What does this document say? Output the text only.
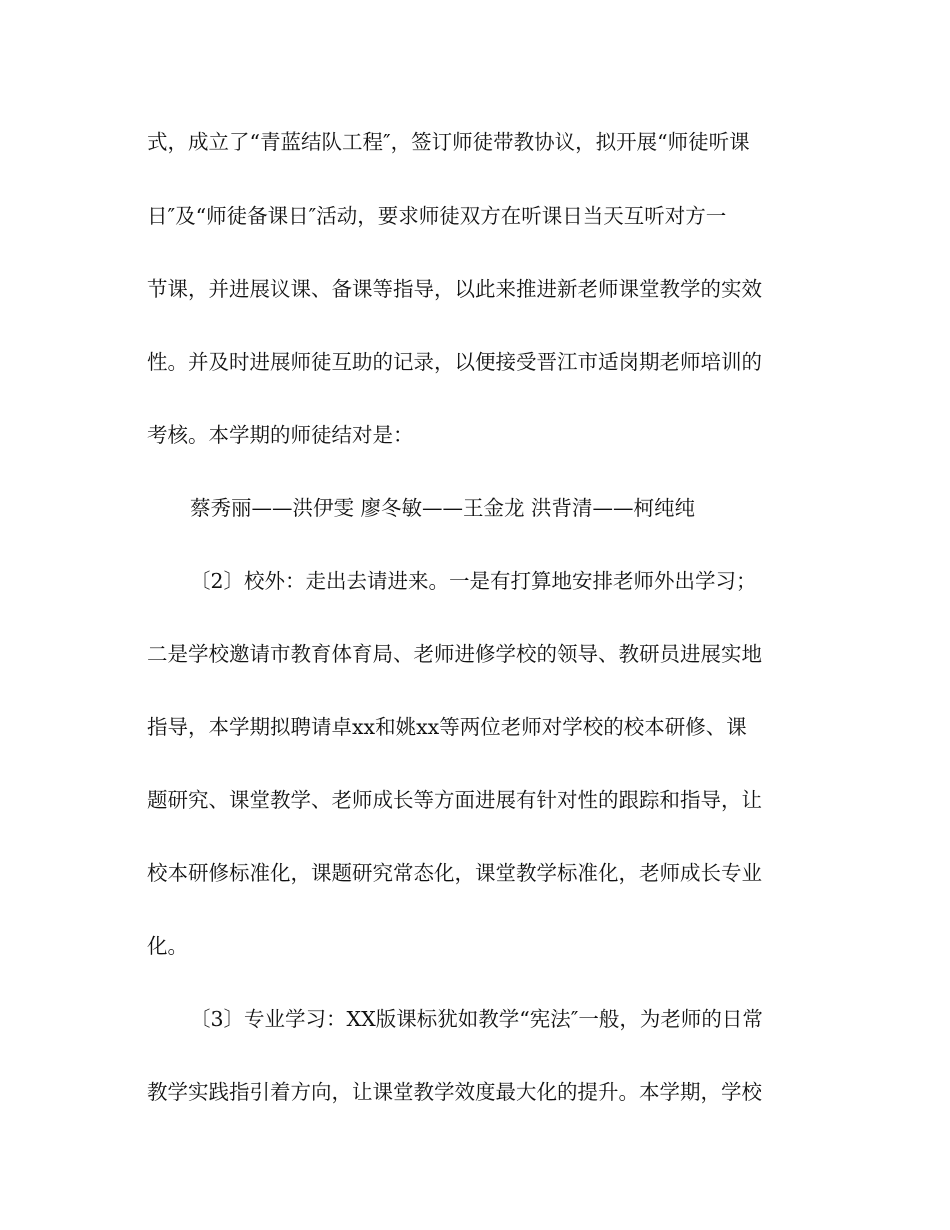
式，成立了“青蓝结队工程″，签订师徒带教协议，拟开展“师徒听课
日″及“师徒备课日″活动，要求师徒双方在听课日当天互听对方一
节课，并进展议课、备课等指导，以此来推进新老师课堂教学的实效
性。并及时进展师徒互助的记录，以便接受晋江市适岗期老师培训的
考核。本学期的师徒结对是：
蔡秀丽——洪伊雯 廖冬敏——王金龙 洪背清——柯纯纯
〔2〕校外：走出去请进来。一是有打算地安排老师外出学习；
二是学校邀请市教育体育局、老师进修学校的领导、教研员进展实地
指导，本学期拟聘请卓xx和姚xx等两位老师对学校的校本研修、课
题研究、课堂教学、老师成长等方面进展有针对性的跟踪和指导，让
校本研修标准化，课题研究常态化，课堂教学标准化，老师成长专业
化。
〔3〕专业学习：XX版课标犹如教学“宪法″一般，为老师的日常
教学实践指引着方向，让课堂教学效度最大化的提升。本学期，学校
